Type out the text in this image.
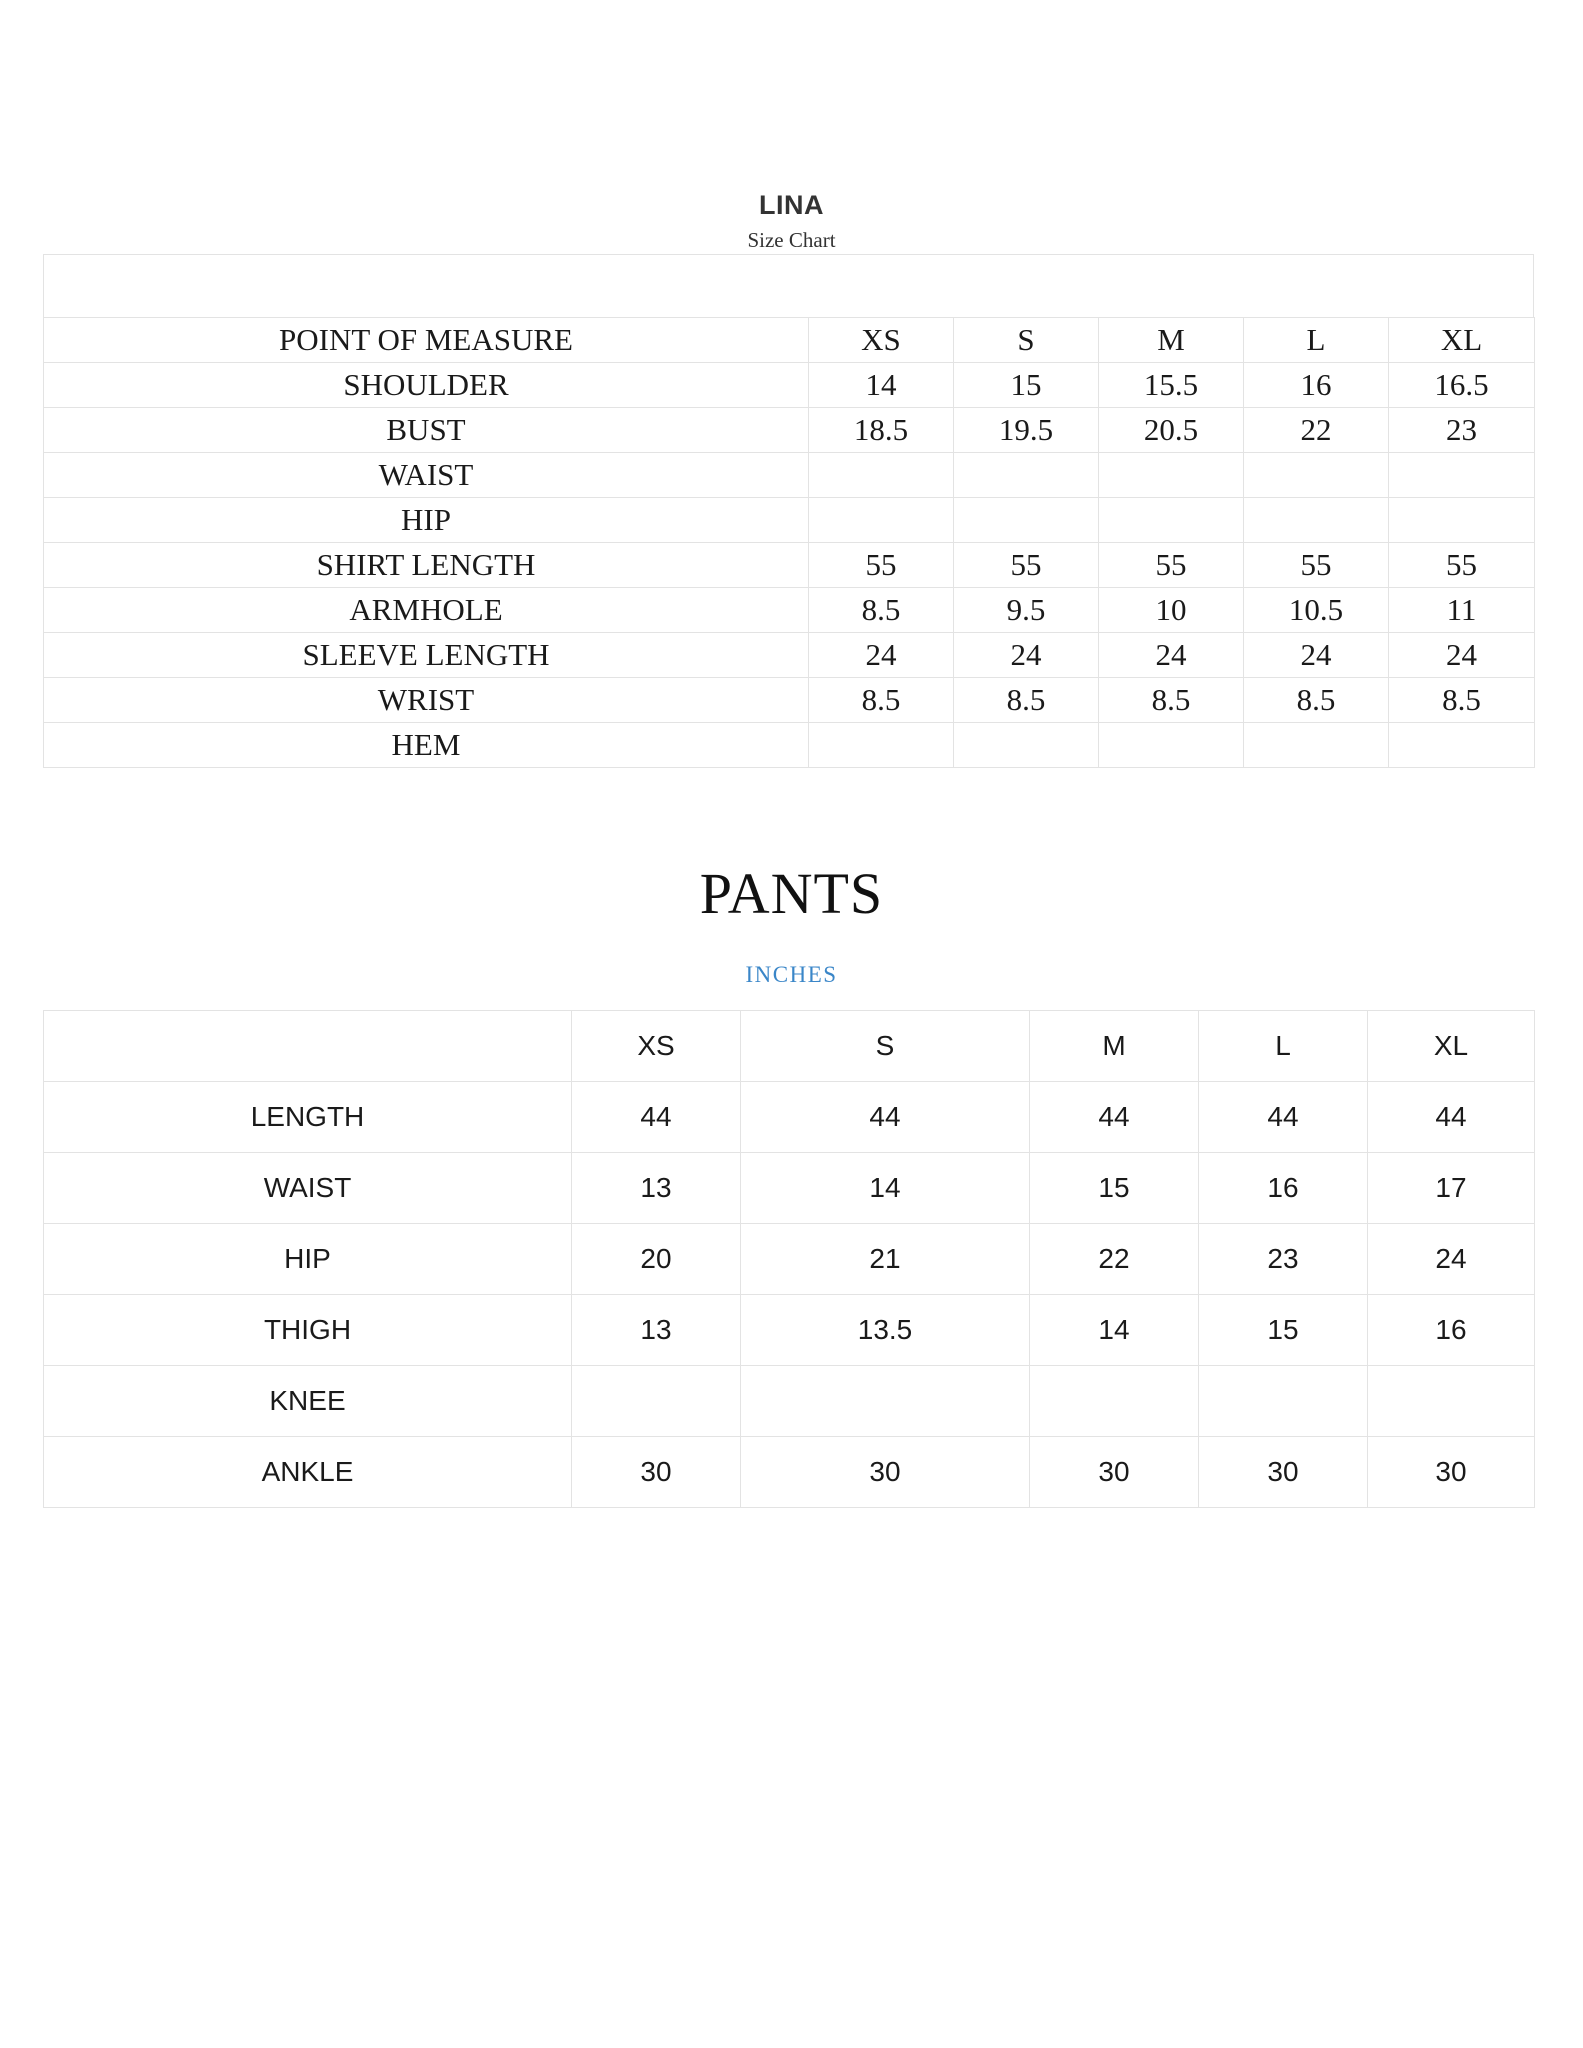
LINA
Size Chart
POINT OF MEASURE	XS	S	M	L	XL
SHOULDER	14	15	15.5	16	16.5
BUST	18.5	19.5	20.5	22	23
WAIST					
HIP					
SHIRT LENGTH	55	55	55	55	55
ARMHOLE	8.5	9.5	10	10.5	11
SLEEVE LENGTH	24	24	24	24	24
WRIST	8.5	8.5	8.5	8.5	8.5
HEM					
PANTS
INCHES
	XS	S	M	L	XL
LENGTH	44	44	44	44	44
WAIST	13	14	15	16	17
HIP	20	21	22	23	24
THIGH	13	13.5	14	15	16
KNEE					
ANKLE	30	30	30	30	30
